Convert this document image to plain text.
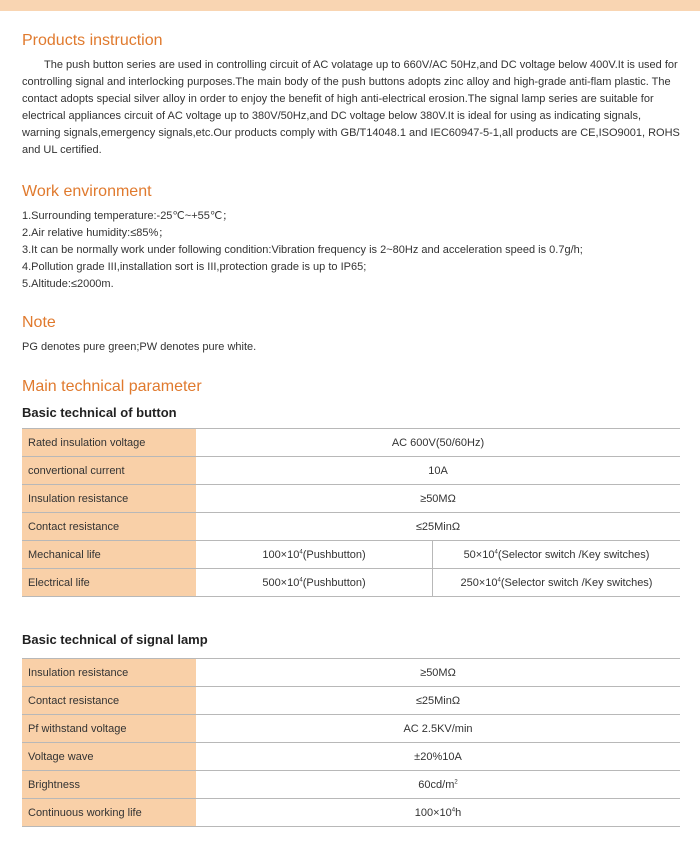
Products instruction

The push button series are used in controlling circuit of AC volatage up to 660V/AC 50Hz,and DC voltage below 400V.It is used for controlling signal and interlocking purposes.The main body of the push buttons adopts zinc alloy and high-grade anti-flam plastic. The contact adopts special silver alloy in order to enjoy the benefit of high anti-electrical erosion.The signal lamp series are suitable for electrical appliances circuit of AC voltage up to 380V/50Hz,and DC voltage below 380V.It is ideal for using as indicating signals, warning signals,emergency signals,etc.Our products comply with GB/T14048.1 and IEC60947-5-1,all products are CE,ISO9001, ROHS and UL certified.

Work environment
1.Surrounding temperature:-25℃~+55℃；
2.Air relative humidity:≤85%；
3.It can be normally work under following condition:Vibration frequency is 2~80Hz and acceleration speed is 0.7g/h;
4.Pollution grade III,installation sort is III,protection grade is up to IP65;
5.Altitude:≤2000m.
Note

PG denotes pure green;PW denotes pure white.

Main technical parameter
Basic technical of button
Rated insulation voltage	AC 600V(50/60Hz)	
convertional current	10A	
Insulation resistance	≥50MΩ	
Contact resistance	≤25MinΩ	
Mechanical life	$100\times 10^4(Pushbutton)$	$50\times 10^4(Selector$ switch /Key switches)
Electrical life	$500\times 10^4(Pushbutton)$	$250\times 10^4(Selector$ switch /Key switches)
Basic technical of signal lamp
Insulation resistance	≥50MΩ
Contact resistance	≤25MinΩ
Pf withstand voltage	AC 2.5KV/min
Voltage wave	±20%10A
Brightness	$60cd/m^2$
Continuous working life	$100\times 10^4h$
